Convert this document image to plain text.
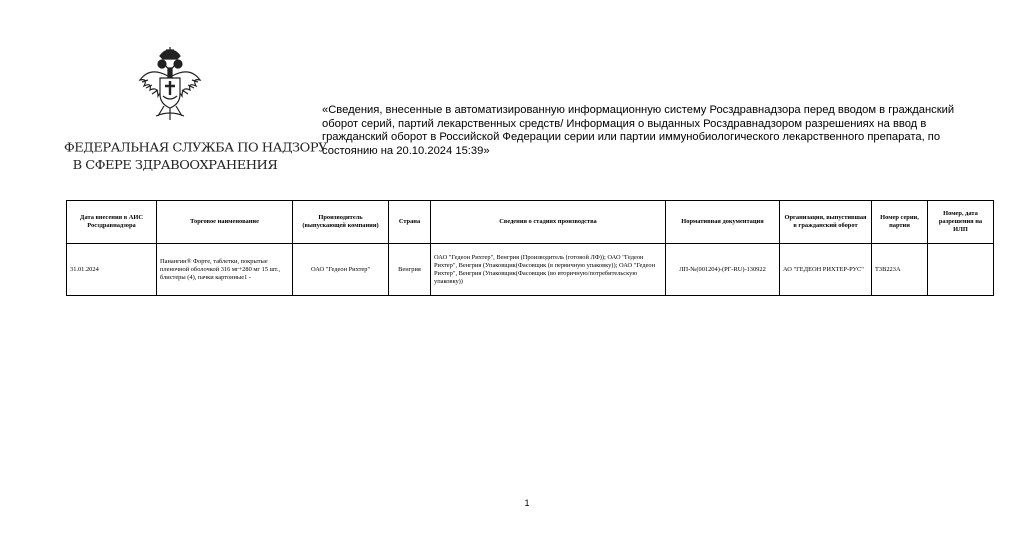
ФЕДЕРАЛЬНАЯ СЛУЖБА ПО НАДЗОРУ
В СФЕРЕ ЗДРАВООХРАНЕНИЯ
«Сведения, внесенные в автоматизированную информационную систему Росздравнадзора перед вводом в гражданский оборот серий, партий лекарственных средств/ Информация о выданных Росздравнадзором разрешениях на ввод в гражданский оборот в Российской Федерации серии или партии иммунобиологического лекарственного препарата, по состоянию на 20.10.2024 15:39»
Дата внесения в АИС Росздравнадзора	Торговое наименование	Производитель (выпускающей компании)	Страна	Сведения о стадиях производства	Нормативная документация	Организация, выпустившая в гражданский оборот	Номер серии, партии	Номер, дата разрешения на ИЛП
31.01.2024	Панангин® Форте, таблетки, покрытые пленочной оболочкой 316 мг+280 мг 15 шт., блистеры (4), пачки картонные1 -	ОАО "Гедеон Рихтер"	Венгрия	ОАО "Гедеон Рихтер", Венгрия (Производитель (готовой ЛФ)); ОАО "Гедеон Рихтер", Венгрия (Упаковщик(Фасовщик (в первичную упаковку)); ОАО "Гедеон Рихтер", Венгрия (Упаковщик(Фасовщик (во вторичную/потребительскую упаковку))	ЛП-№(001204)-(РГ-RU)-130922	АО "ГЕДЕОН РИХТЕР-РУС"	T3B223A	
1
